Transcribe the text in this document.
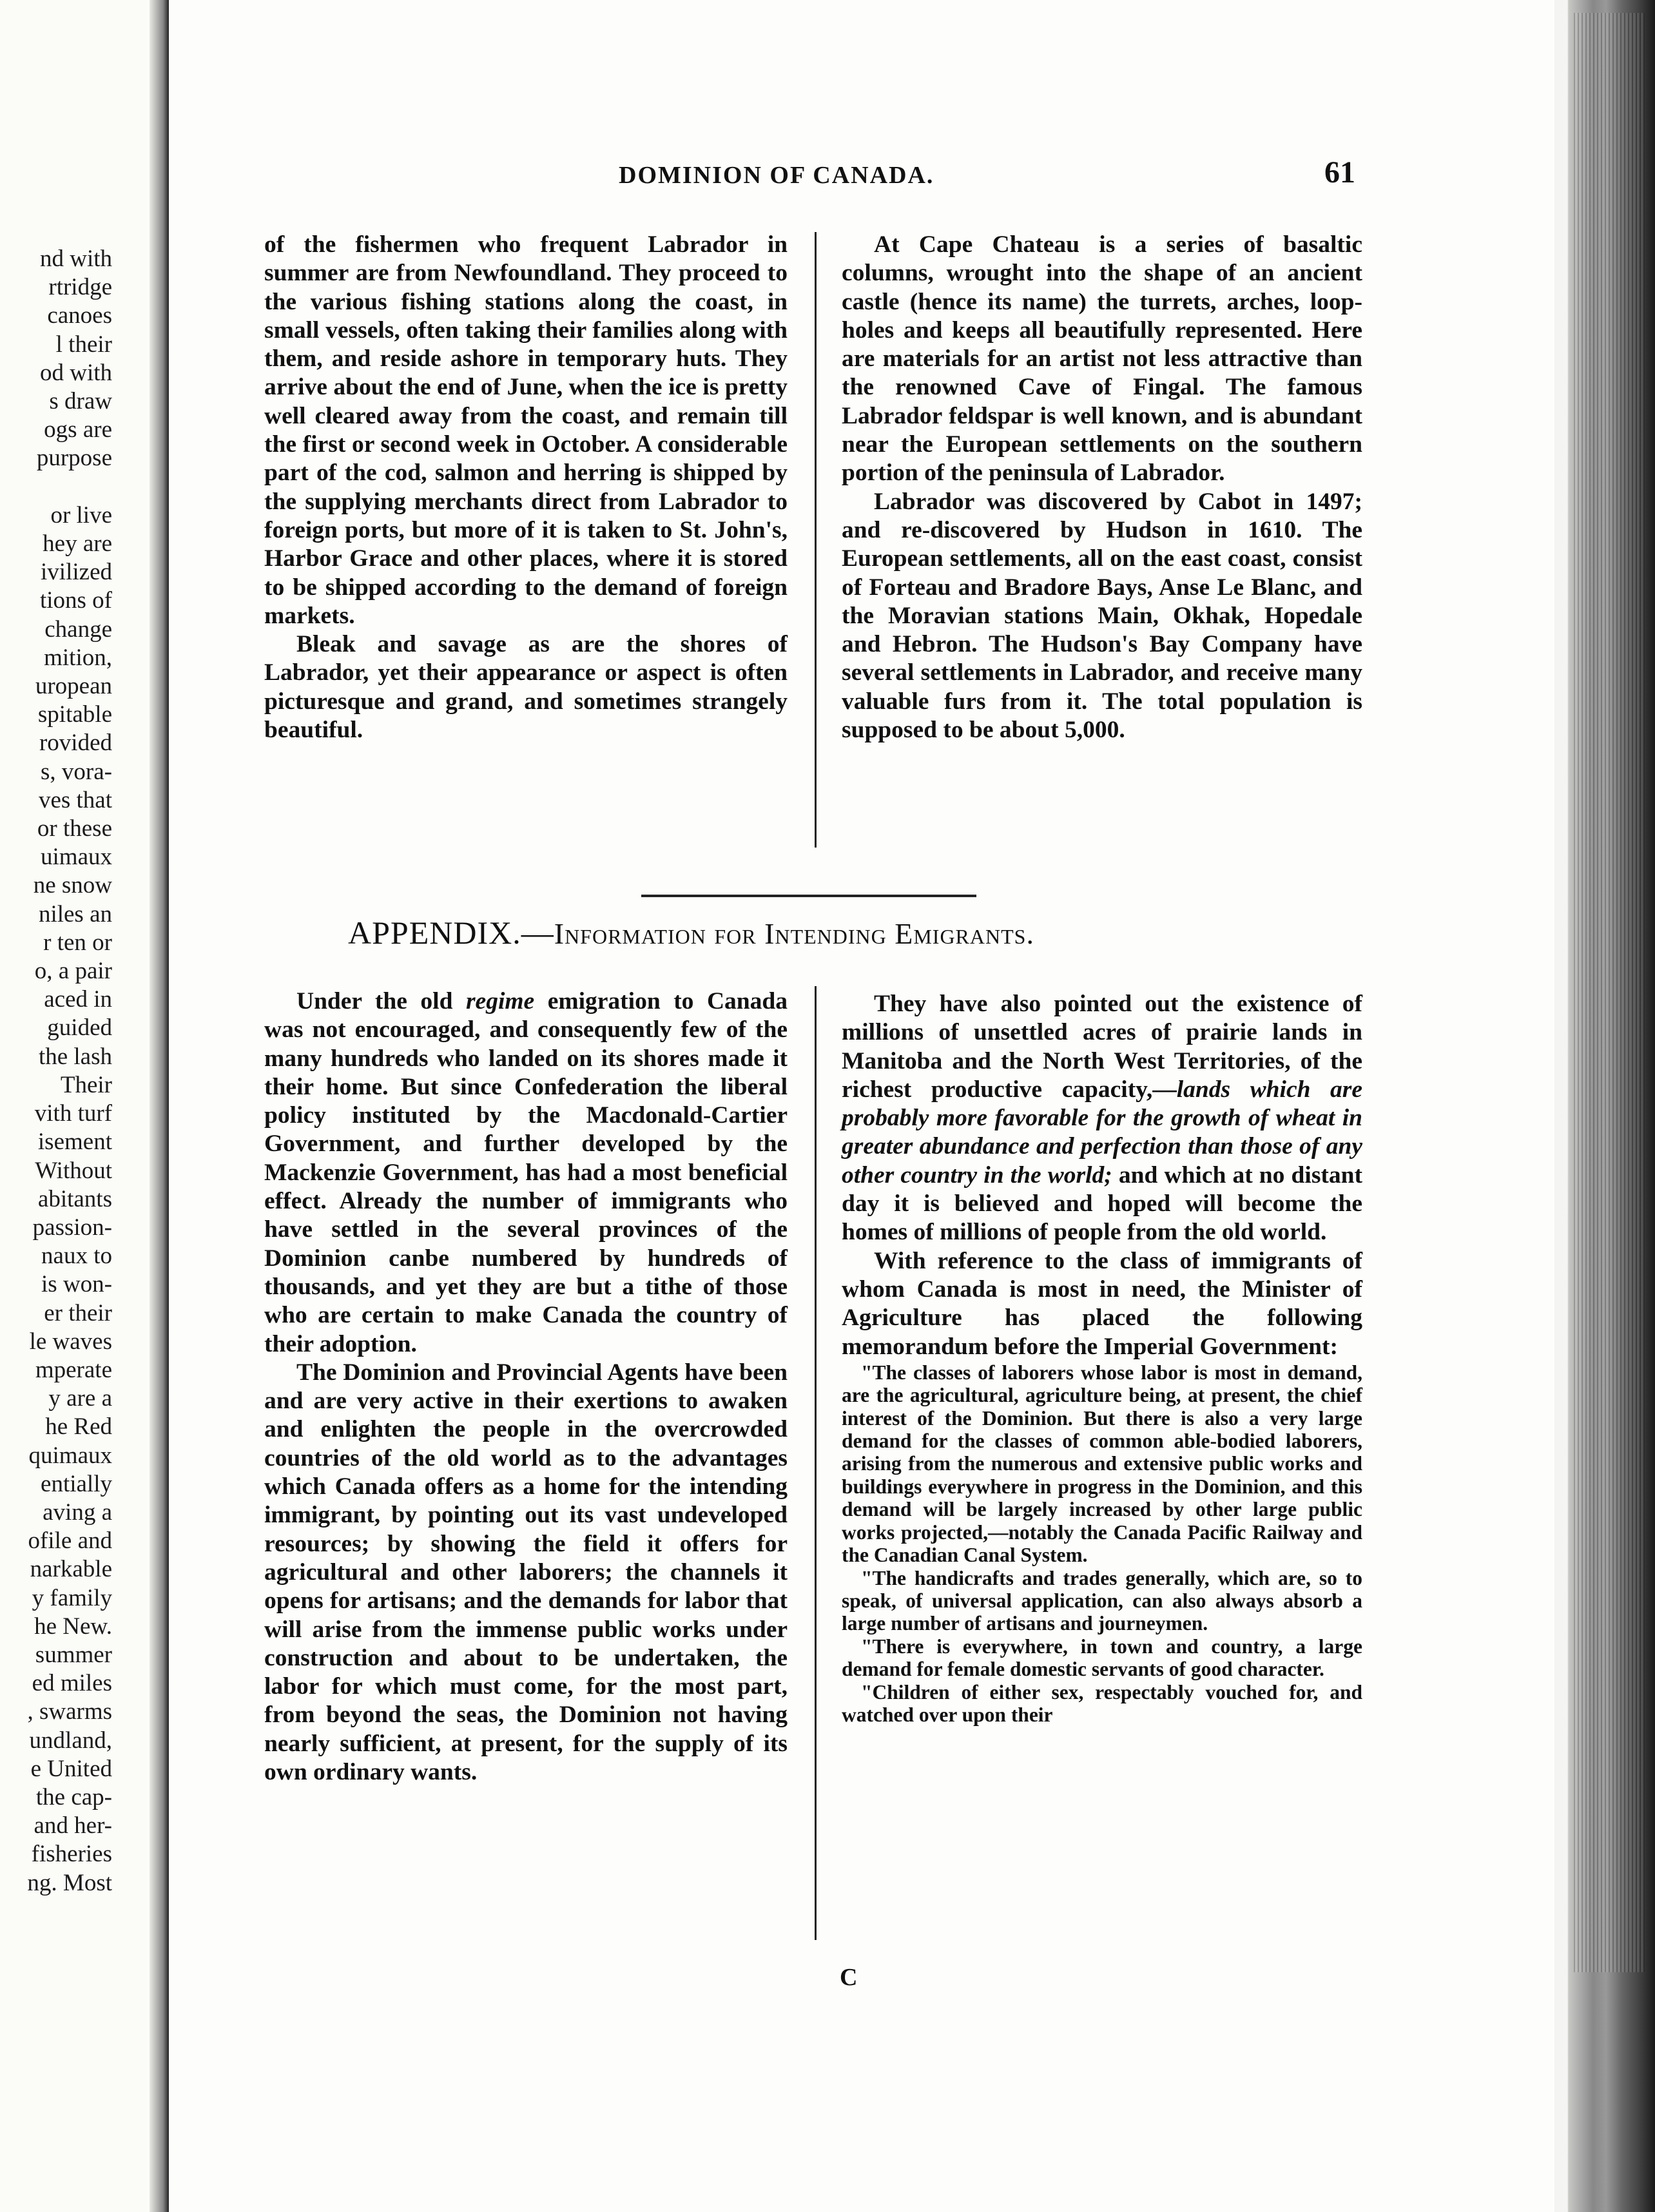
nd with
rtridge
canoes
l their
od with
s draw
ogs are
purpose

or live
hey are
ivilized
tions of
change
mition,
uropean
spitable
rovided
s, vora-
ves that
or these
uimaux
ne snow
niles an
r ten or
o, a pair
aced in
guided
the lash
Their
vith turf
isement
Without
abitants
passion-
naux to
is won-
er their
le waves
mperate
y are a
he Red
quimaux
entially
aving a
ofile and
narkable
y family
he New.
summer
ed miles
, swarms
undland,
e United
the cap-
and her-
fisheries
ng. Most
DOMINION OF CANADA.	61

of the fishermen who frequent Labrador in summer are from Newfoundland. They proceed to the various fishing stations along the coast, in small vessels, often taking their families along with them, and reside ashore in temporary huts. They arrive about the end of June, when the ice is pretty well cleared away from the coast, and remain till the first or second week in October. A considerable part of the cod, salmon and herring is shipped by the supplying merchants direct from Labrador to foreign ports, but more of it is taken to St. John's, Harbor Grace and other places, where it is stored to be shipped according to the demand of foreign markets.

Bleak and savage as are the shores of Labrador, yet their appearance or aspect is often picturesque and grand, and sometimes strangely beautiful.

At Cape Chateau is a series of basaltic columns, wrought into the shape of an ancient castle (hence its name) the turrets, arches, loop-holes and keeps all beautifully represented. Here are materials for an artist not less attractive than the renowned Cave of Fingal. The famous Labrador feldspar is well known, and is abundant near the European settlements on the southern portion of the peninsula of Labrador.

Labrador was discovered by Cabot in 1497; and re-discovered by Hudson in 1610. The European settlements, all on the east coast, consist of Forteau and Bradore Bays, Anse Le Blanc, and the Moravian stations Main, Okhak, Hopedale and Hebron. The Hudson's Bay Company have several settlements in Labrador, and receive many valuable furs from it. The total population is supposed to be about 5,000.

APPENDIX.—Information for Intending Emigrants.

Under the old regime emigration to Canada was not encouraged, and consequently few of the many hundreds who landed on its shores made it their home. But since Confederation the liberal policy instituted by the Macdonald-Cartier Government, and further developed by the Mackenzie Government, has had a most beneficial effect. Already the number of immigrants who have settled in the several provinces of the Dominion canbe numbered by hundreds of thousands, and yet they are but a tithe of those who are certain to make Canada the country of their adoption.

The Dominion and Provincial Agents have been and are very active in their exertions to awaken and enlighten the people in the overcrowded countries of the old world as to the advantages which Canada offers as a home for the intending immigrant, by pointing out its vast undeveloped resources; by showing the field it offers for agricultural and other laborers; the channels it opens for artisans; and the demands for labor that will arise from the immense public works under construction and about to be undertaken, the labor for which must come, for the most part, from beyond the seas, the Dominion not having nearly sufficient, at present, for the supply of its own ordinary wants.

They have also pointed out the existence of millions of unsettled acres of prairie lands in Manitoba and the North West Territories, of the richest productive capacity,—lands which are probably more favorable for the growth of wheat in greater abundance and perfection than those of any other country in the world; and which at no distant day it is believed and hoped will become the homes of millions of people from the old world.

With reference to the class of immigrants of whom Canada is most in need, the Minister of Agriculture has placed the following memorandum before the Imperial Government:

"The classes of laborers whose labor is most in demand, are the agricultural, agriculture being, at present, the chief interest of the Dominion. But there is also a very large demand for the classes of common able-bodied laborers, arising from the numerous and extensive public works and buildings everywhere in progress in the Dominion, and this demand will be largely increased by other large public works projected,—notably the Canada Pacific Railway and the Canadian Canal System.

"The handicrafts and trades generally, which are, so to speak, of universal application, can also always absorb a large number of artisans and journeymen.

"There is everywhere, in town and country, a large demand for female domestic servants of good character.

"Children of either sex, respectably vouched for, and watched over upon their

C
